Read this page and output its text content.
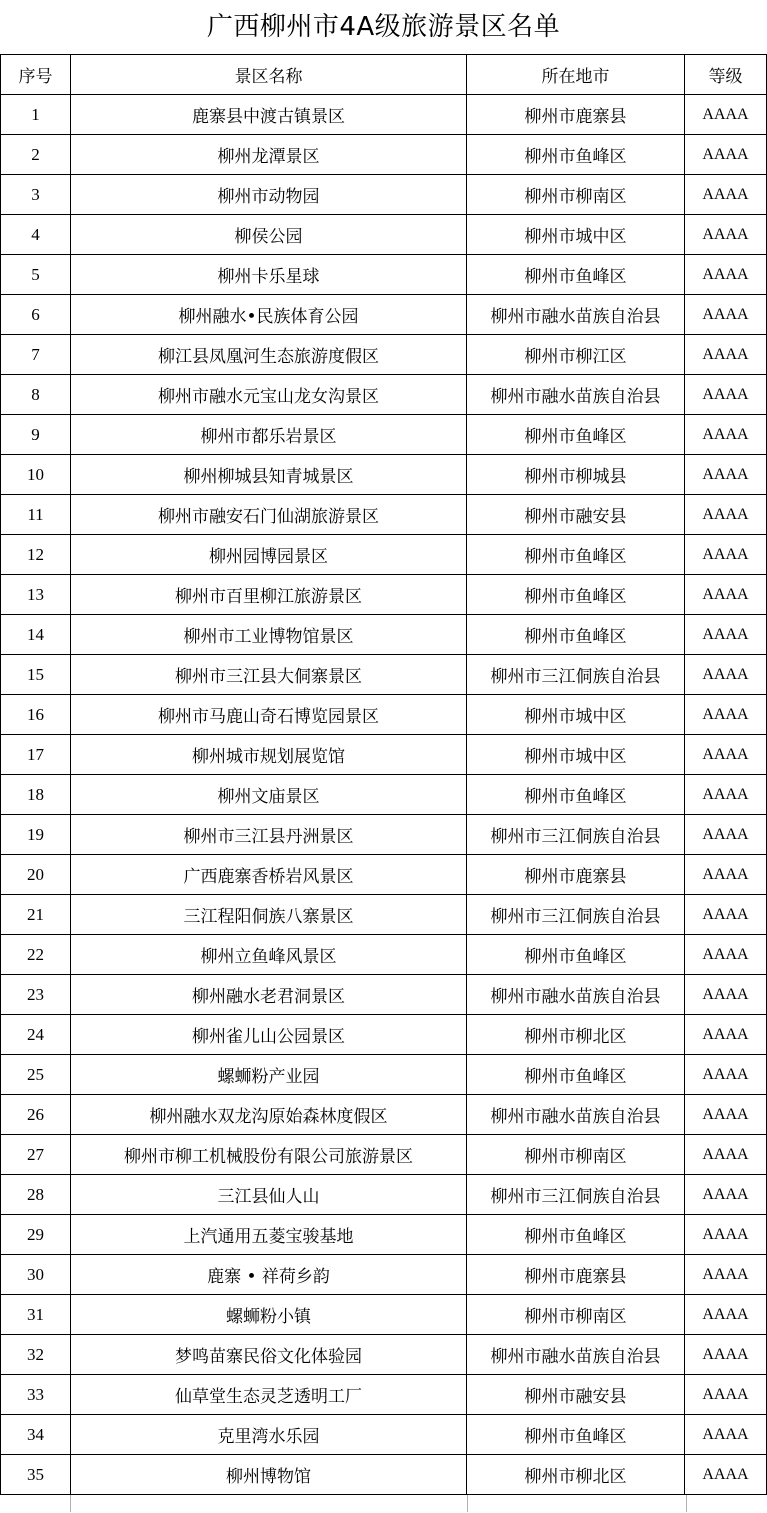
广西柳州市4A级旅游景区名单
序号	景区名称	所在地市	等级
1	鹿寨县中渡古镇景区	柳州市鹿寨县	AAAA
2	柳州龙潭景区	柳州市鱼峰区	AAAA
3	柳州市动物园	柳州市柳南区	AAAA
4	柳侯公园	柳州市城中区	AAAA
5	柳州卡乐星球	柳州市鱼峰区	AAAA
6	柳州融水•民族体育公园	柳州市融水苗族自治县	AAAA
7	柳江县凤凰河生态旅游度假区	柳州市柳江区	AAAA
8	柳州市融水元宝山龙女沟景区	柳州市融水苗族自治县	AAAA
9	柳州市都乐岩景区	柳州市鱼峰区	AAAA
10	柳州柳城县知青城景区	柳州市柳城县	AAAA
11	柳州市融安石门仙湖旅游景区	柳州市融安县	AAAA
12	柳州园博园景区	柳州市鱼峰区	AAAA
13	柳州市百里柳江旅游景区	柳州市鱼峰区	AAAA
14	柳州市工业博物馆景区	柳州市鱼峰区	AAAA
15	柳州市三江县大侗寨景区	柳州市三江侗族自治县	AAAA
16	柳州市马鹿山奇石博览园景区	柳州市城中区	AAAA
17	柳州城市规划展览馆	柳州市城中区	AAAA
18	柳州文庙景区	柳州市鱼峰区	AAAA
19	柳州市三江县丹洲景区	柳州市三江侗族自治县	AAAA
20	广西鹿寨香桥岩风景区	柳州市鹿寨县	AAAA
21	三江程阳侗族八寨景区	柳州市三江侗族自治县	AAAA
22	柳州立鱼峰风景区	柳州市鱼峰区	AAAA
23	柳州融水老君洞景区	柳州市融水苗族自治县	AAAA
24	柳州雀儿山公园景区	柳州市柳北区	AAAA
25	螺蛳粉产业园	柳州市鱼峰区	AAAA
26	柳州融水双龙沟原始森林度假区	柳州市融水苗族自治县	AAAA
27	柳州市柳工机械股份有限公司旅游景区	柳州市柳南区	AAAA
28	三江县仙人山	柳州市三江侗族自治县	AAAA
29	上汽通用五菱宝骏基地	柳州市鱼峰区	AAAA
30	鹿寨 • 祥荷乡韵	柳州市鹿寨县	AAAA
31	螺蛳粉小镇	柳州市柳南区	AAAA
32	梦鸣苗寨民俗文化体验园	柳州市融水苗族自治县	AAAA
33	仙草堂生态灵芝透明工厂	柳州市融安县	AAAA
34	克里湾水乐园	柳州市鱼峰区	AAAA
35	柳州博物馆	柳州市柳北区	AAAA
